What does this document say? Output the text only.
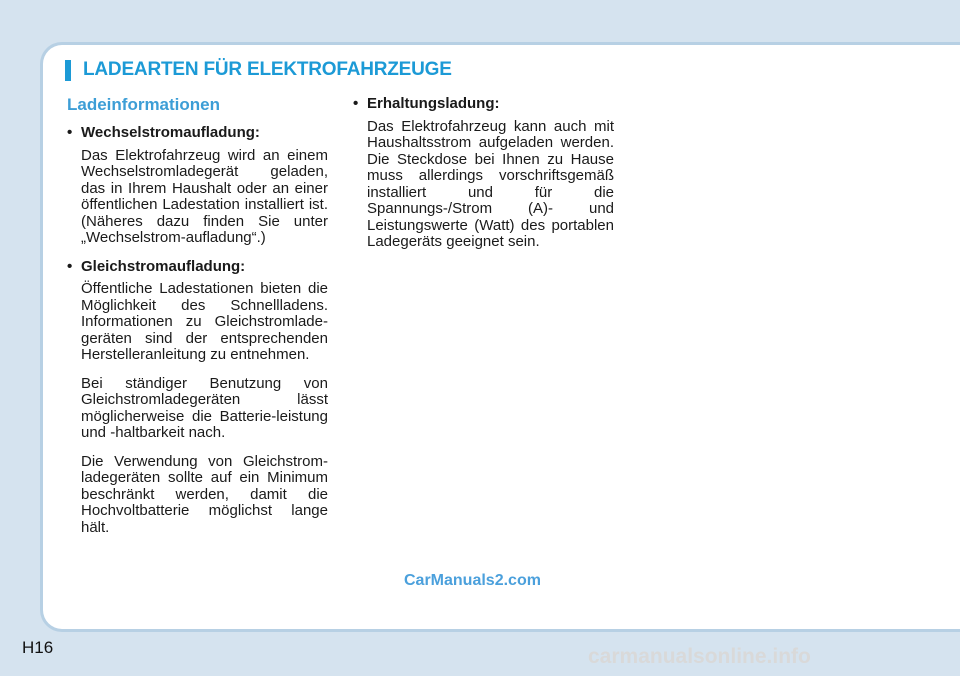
LADEARTEN FÜR ELEKTROFAHRZEUGE
Ladeinformationen
• Wechselstromaufladung:
Das Elektrofahrzeug wird an einem Wechselstromladegerät geladen, das in Ihrem Haushalt oder an einer öffentlichen Ladestation installiert ist. (Näheres dazu finden Sie unter „Wechselstrom-aufladung“.)
• Gleichstromaufladung:
Öffentliche Ladestationen bieten die Möglichkeit des Schnellladens. Informationen zu Gleichstromlade-geräten sind der entsprechenden Herstelleranleitung zu entnehmen.
Bei ständiger Benutzung von Gleichstromladegeräten lässt möglicherweise die Batterie-leistung und -haltbarkeit nach.
Die Verwendung von Gleichstrom-ladegeräten sollte auf ein Minimum beschränkt werden, damit die Hochvoltbatterie möglichst lange hält.
• Erhaltungsladung:
Das Elektrofahrzeug kann auch mit Haushaltsstrom aufgeladen werden. Die Steckdose bei Ihnen zu Hause muss allerdings vorschriftsgemäß installiert und für die Spannungs-/Strom (A)- und Leistungswerte (Watt) des portablen Ladegeräts geeignet sein.
CarManuals2.com
H16	carmanualsonline.info
